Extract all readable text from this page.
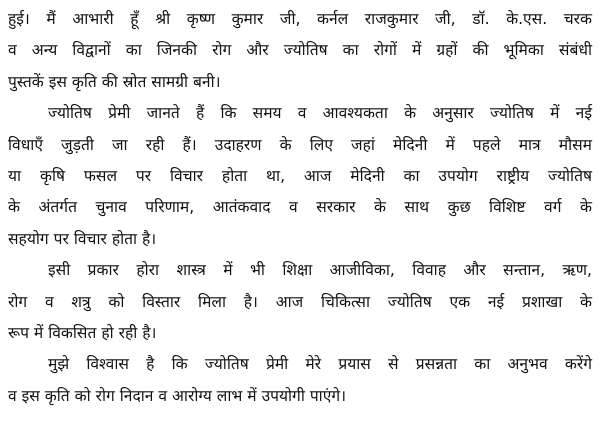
हुई। मैं आभारी हूँ श्री कृष्ण कुमार जी, कर्नल राजकुमार जी, डॉ. के.एस. चरक
व अन्य विद्वानों का जिनकी रोग और ज्योतिष का रोगों में ग्रहों की भूमिका संबंधी
पुस्तकें इस कृति की स्रोत सामग्री बनी।
ज्योतिष प्रेमी जानते हैं कि समय व आवश्यकता के अनुसार ज्योतिष में नई
विधाएँ जुड़ती जा रही हैं। उदाहरण के लिए जहां मेदिनी में पहले मात्र मौसम
या कृषि फसल पर विचार होता था, आज मेदिनी का उपयोग राष्ट्रीय ज्योतिष
के अंतर्गत चुनाव परिणाम, आतंकवाद व सरकार के साथ कुछ विशिष्ट वर्ग के
सहयोग पर विचार होता है।
इसी प्रकार होरा शास्त्र में भी शिक्षा आजीविका, विवाह और सन्तान, ऋण,
रोग व शत्रु को विस्तार मिला है। आज चिकित्सा ज्योतिष एक नई प्रशाखा के
रूप में विकसित हो रही है।
मुझे विश्वास है कि ज्योतिष प्रेमी मेरे प्रयास से प्रसन्नता का अनुभव करेंगे
व इस कृति को रोग निदान व आरोग्य लाभ में उपयोगी पाएंगे।
